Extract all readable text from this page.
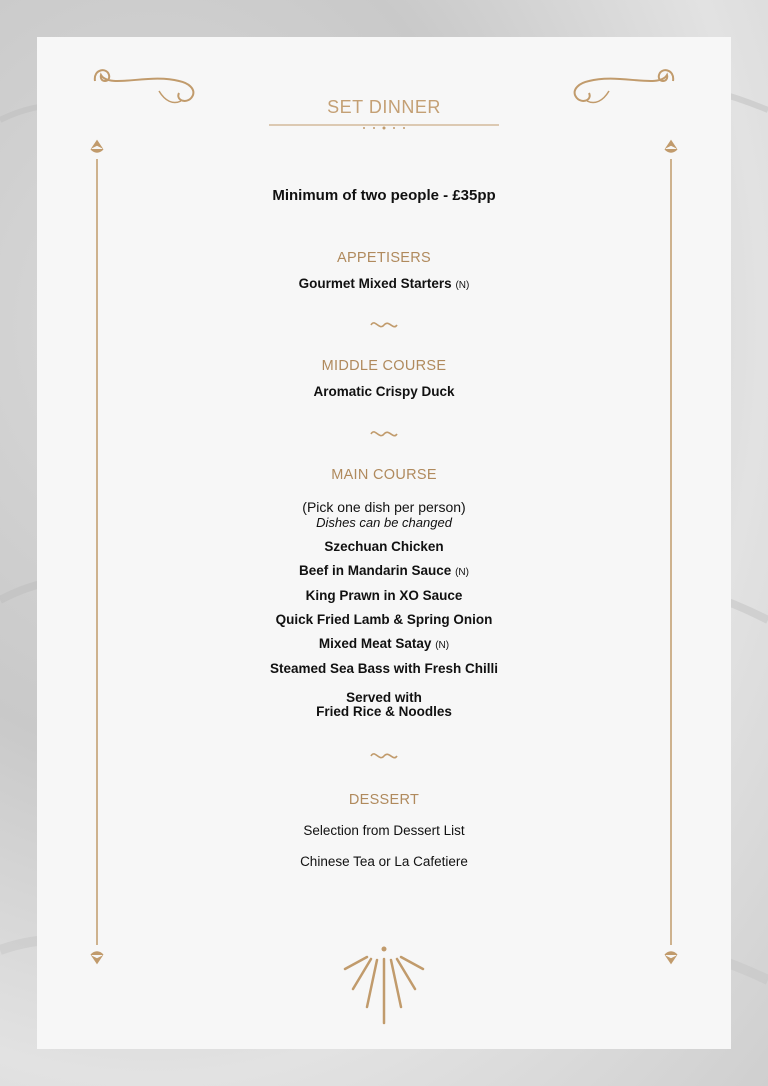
SET DINNER
Minimum of two people - £35pp
APPETISERS
Gourmet Mixed Starters (N)
MIDDLE COURSE
Aromatic Crispy Duck
MAIN COURSE
(Pick one dish per person)
Dishes can be changed
Szechuan Chicken
Beef in Mandarin Sauce (N)
King Prawn in XO Sauce
Quick Fried Lamb & Spring Onion
Mixed Meat Satay (N)
Steamed Sea Bass with Fresh Chilli
Served with
Fried Rice & Noodles
DESSERT
Selection from Dessert List
Chinese Tea or La Cafetiere
